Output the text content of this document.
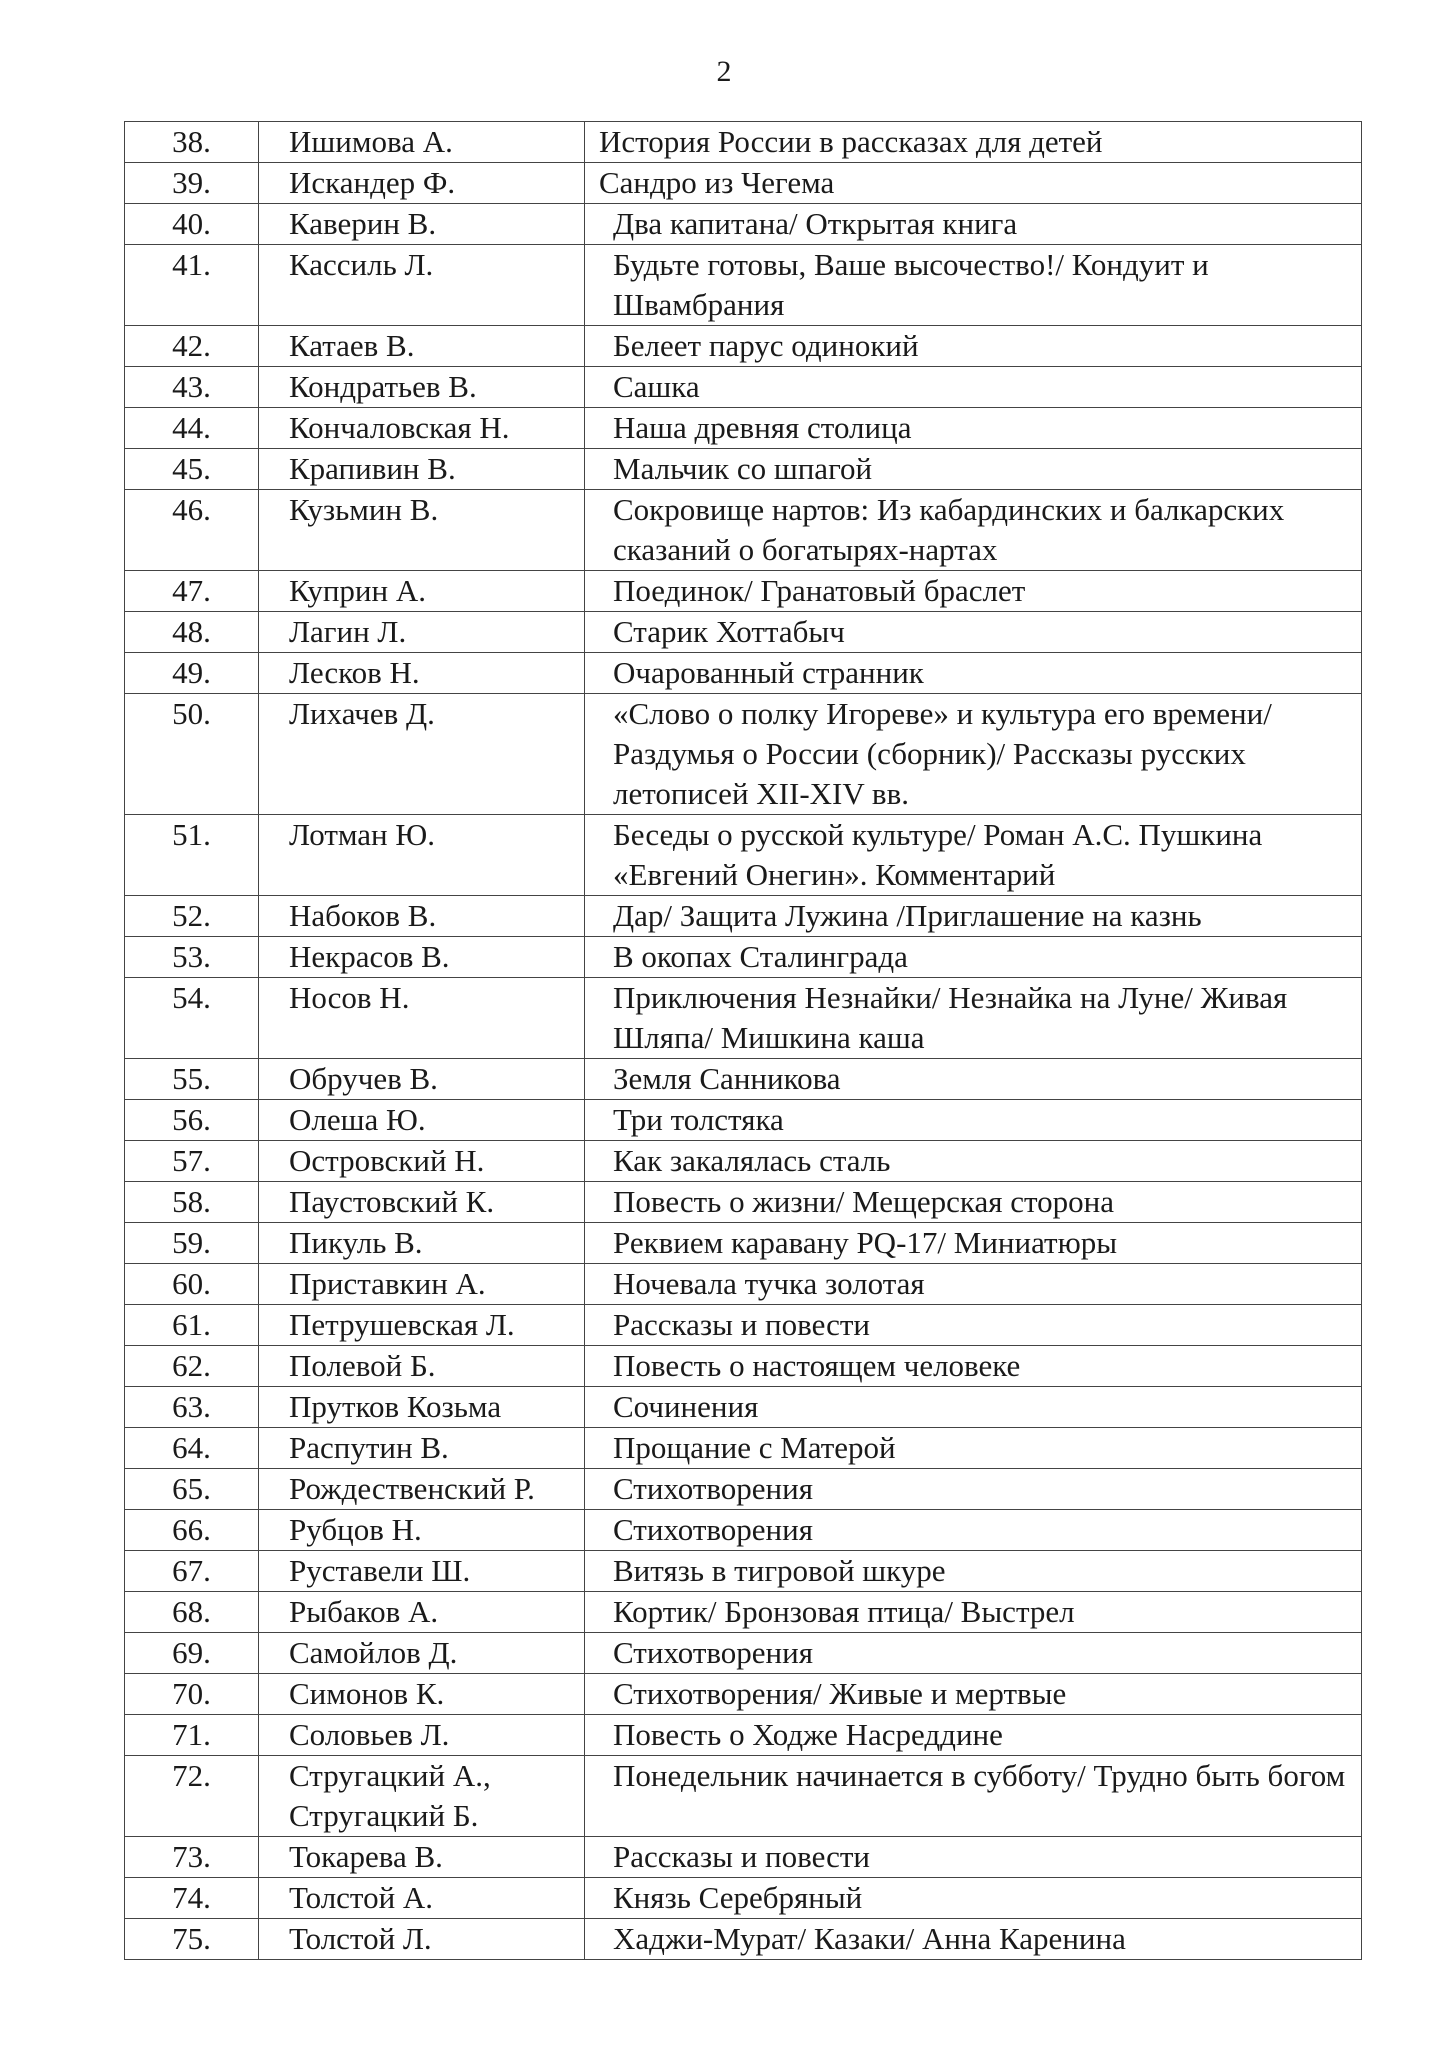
2
38.	Ишимова А.	История России в рассказах для детей
39.	Искандер Ф.	Сандро из Чегема
40.	Каверин В.	Два капитана/ Открытая книга
41.	Кассиль Л.	Будьте готовы, Ваше высочество!/ Кондуит и Швамбрания
42.	Катаев В.	Белеет парус одинокий
43.	Кондратьев В.	Сашка
44.	Кончаловская Н.	Наша древняя столица
45.	Крапивин В.	Мальчик со шпагой
46.	Кузьмин В.	Сокровище нартов: Из кабардинских и балкарских сказаний о богатырях-нартах
47.	Куприн А.	Поединок/ Гранатовый браслет
48.	Лагин Л.	Старик Хоттабыч
49.	Лесков Н.	Очарованный странник
50.	Лихачев Д.	«Слово о полку Игореве» и культура его времени/ Раздумья о России (сборник)/ Рассказы русских летописей XII-XIV вв.
51.	Лотман Ю.	Беседы о русской культуре/ Роман А.С. Пушкина «Евгений Онегин». Комментарий
52.	Набоков В.	Дар/ Защита Лужина /Приглашение на казнь
53.	Некрасов В.	В окопах Сталинграда
54.	Носов Н.	Приключения Незнайки/ Незнайка на Луне/ Живая Шляпа/ Мишкина каша
55.	Обручев В.	Земля Санникова
56.	Олеша Ю.	Три толстяка
57.	Островский Н.	Как закалялась сталь
58.	Паустовский К.	Повесть о жизни/ Мещерская сторона
59.	Пикуль В.	Реквием каравану PQ-17/ Миниатюры
60.	Приставкин А.	Ночевала тучка золотая
61.	Петрушевская Л.	Рассказы и повести
62.	Полевой Б.	Повесть о настоящем человеке
63.	Прутков Козьма	Сочинения
64.	Распутин В.	Прощание с Матерой
65.	Рождественский Р.	Стихотворения
66.	Рубцов Н.	Стихотворения
67.	Руставели Ш.	Витязь в тигровой шкуре
68.	Рыбаков А.	Кортик/ Бронзовая птица/ Выстрел
69.	Самойлов Д.	Стихотворения
70.	Симонов К.	Стихотворения/ Живые и мертвые
71.	Соловьев Л.	Повесть о Ходже Насреддине
72.	Стругацкий А., Стругацкий Б.	Понедельник начинается в субботу/ Трудно быть богом
73.	Токарева В.	Рассказы и повести
74.	Толстой А.	Князь Серебряный
75.	Толстой Л.	Хаджи-Мурат/ Казаки/ Анна Каренина
